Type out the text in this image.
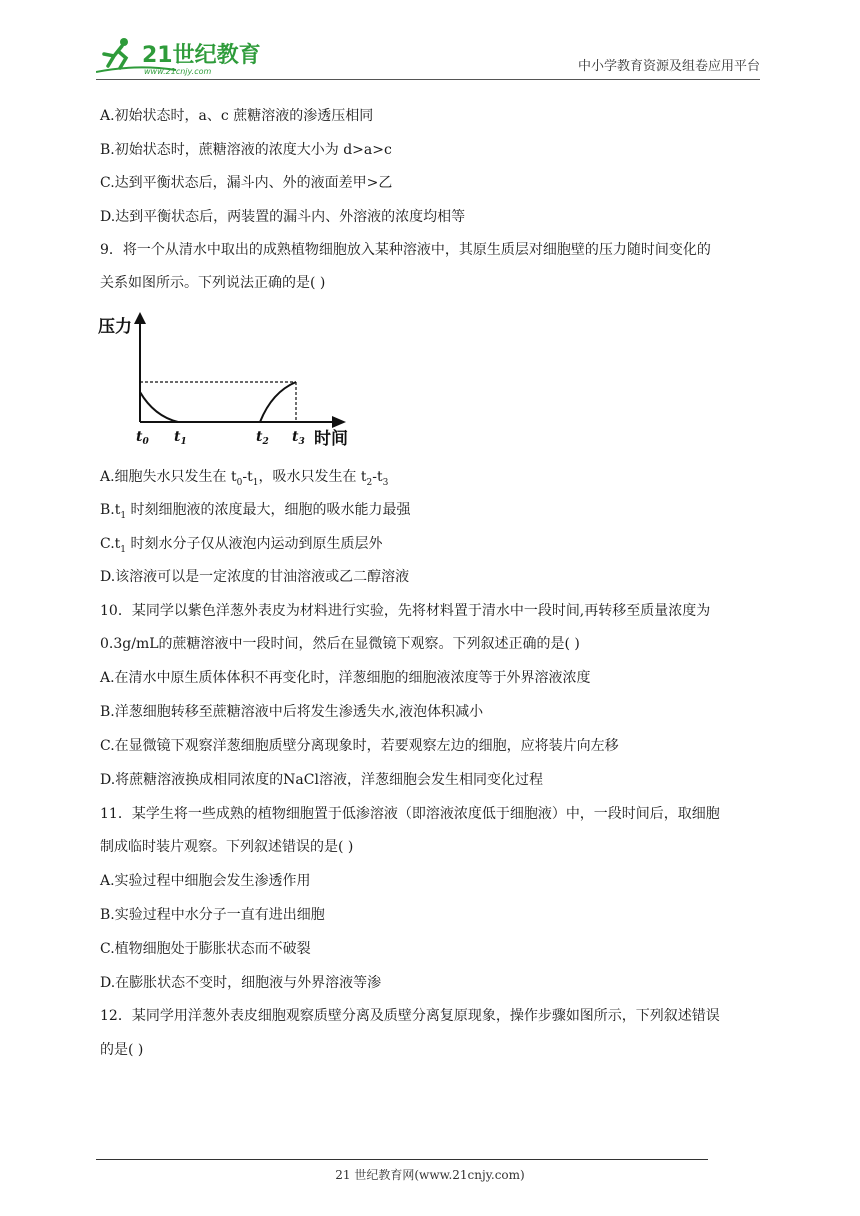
21世纪教育
www.21cnjy.com	中小学教育资源及组卷应用平台
A.初始状态时，a、c 蔗糖溶液的渗透压相同
B.初始状态时，蔗糖溶液的浓度大小为 d>a>c
C.达到平衡状态后，漏斗内、外的液面差甲>乙
D.达到平衡状态后，两装置的漏斗内、外溶液的浓度均相等
9．将一个从清水中取出的成熟植物细胞放入某种溶液中，其原生质层对细胞壁的压力随时间变化的
关系如图所示。下列说法正确的是( )
压力
$t_0$ $t_1$	$t_2$ $t_3$ 时间
A.细胞失水只发生在 $t_0-t_1$，吸水只发生在 $t_2-t_3$
$B.t_1$ 时刻细胞液的浓度最大，细胞的吸水能力最强
$C.t_1$ 时刻水分子仅从液泡内运动到原生质层外
D.该溶液可以是一定浓度的甘油溶液或乙二醇溶液
10．某同学以紫色洋葱外表皮为材料进行实验，先将材料置于清水中一段时间,再转移至质量浓度为
0.3g/mL的蔗糖溶液中一段时间，然后在显微镜下观察。下列叙述正确的是( )
A.在清水中原生质体体积不再变化时，洋葱细胞的细胞液浓度等于外界溶液浓度
B.洋葱细胞转移至蔗糖溶液中后将发生渗透失水,液泡体积减小
C.在显微镜下观察洋葱细胞质壁分离现象时，若要观察左边的细胞，应将装片向左移
D.将蔗糖溶液换成相同浓度的NaCl溶液，洋葱细胞会发生相同变化过程
11．某学生将一些成熟的植物细胞置于低渗溶液（即溶液浓度低于细胞液）中，一段时间后，取细胞
制成临时装片观察。下列叙述错误的是( )
A.实验过程中细胞会发生渗透作用
B.实验过程中水分子一直有进出细胞
C.植物细胞处于膨胀状态而不破裂
D.在膨胀状态不变时，细胞液与外界溶液等渗
12．某同学用洋葱外表皮细胞观察质壁分离及质壁分离复原现象，操作步骤如图所示，下列叙述错误
的是( )
21 世纪教育网(www.21cnjy.com)
